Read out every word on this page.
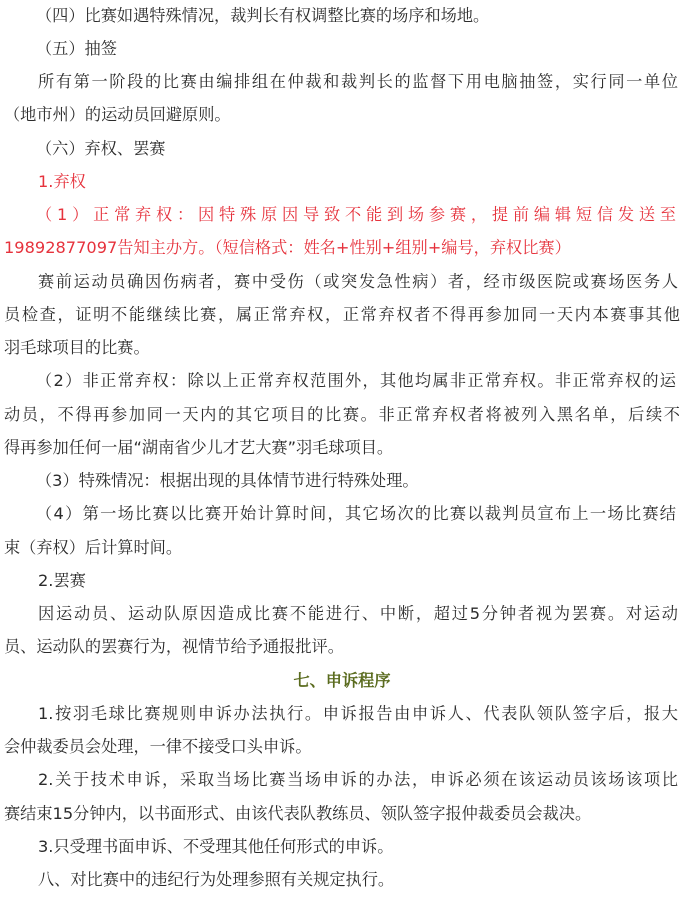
（四）比赛如遇特殊情况，裁判长有权调整比赛的场序和场地。
（五）抽签
所有第一阶段的比赛由编排组在仲裁和裁判长的监督下用电脑抽签，实行同一单位
（地市州）的运动员回避原则。
（六）弃权、罢赛
1.弃权
（1）正常弃权：因特殊原因导致不能到场参赛，提前编辑短信发送至
19892877097告知主办方。（短信格式：姓名+性别+组别+编号，弃权比赛）
赛前运动员确因伤病者，赛中受伤（或突发急性病）者，经市级医院或赛场医务人
员检查，证明不能继续比赛，属正常弃权，正常弃权者不得再参加同一天内本赛事其他
羽毛球项目的比赛。
（2）非正常弃权：除以上正常弃权范围外，其他均属非正常弃权。非正常弃权的运
动员，不得再参加同一天内的其它项目的比赛。非正常弃权者将被列入黑名单，后续不
得再参加任何一届“湖南省少儿才艺大赛”羽毛球项目。
（3）特殊情况：根据出现的具体情节进行特殊处理。
（4）第一场比赛以比赛开始计算时间，其它场次的比赛以裁判员宣布上一场比赛结
束（弃权）后计算时间。
2.罢赛
因运动员、运动队原因造成比赛不能进行、中断，超过5分钟者视为罢赛。对运动
员、运动队的罢赛行为，视情节给予通报批评。
七、申诉程序
1.按羽毛球比赛规则申诉办法执行。申诉报告由申诉人、代表队领队签字后，报大
会仲裁委员会处理，一律不接受口头申诉。
2.关于技术申诉，采取当场比赛当场申诉的办法，申诉必须在该运动员该场该项比
赛结束15分钟内，以书面形式、由该代表队教练员、领队签字报仲裁委员会裁决。
3.只受理书面申诉、不受理其他任何形式的申诉。
八、对比赛中的违纪行为处理参照有关规定执行。
